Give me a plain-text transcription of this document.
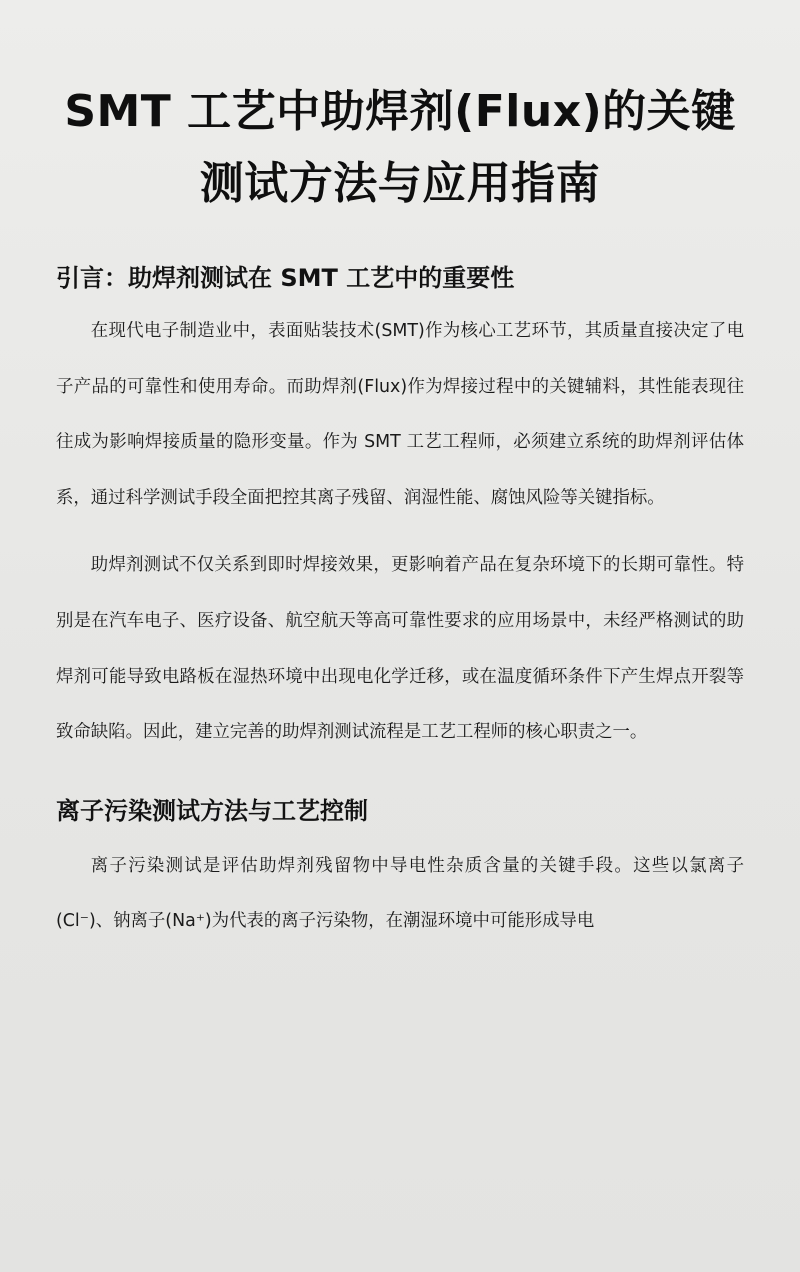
SMT 工艺中助焊剂(Flux)的关键测试方法与应用指南
引言：助焊剂测试在 SMT 工艺中的重要性

在现代电子制造业中，表面贴装技术(SMT)作为核心工艺环节，其质量直接决定了电子产品的可靠性和使用寿命。而助焊剂(Flux)作为焊接过程中的关键辅料，其性能表现往往成为影响焊接质量的隐形变量。作为 SMT 工艺工程师，必须建立系统的助焊剂评估体系，通过科学测试手段全面把控其离子残留、润湿性能、腐蚀风险等关键指标。

助焊剂测试不仅关系到即时焊接效果，更影响着产品在复杂环境下的长期可靠性。特别是在汽车电子、医疗设备、航空航天等高可靠性要求的应用场景中，未经严格测试的助焊剂可能导致电路板在湿热环境中出现电化学迁移，或在温度循环条件下产生焊点开裂等致命缺陷。因此，建立完善的助焊剂测试流程是工艺工程师的核心职责之一。

离子污染测试方法与工艺控制

离子污染测试是评估助焊剂残留物中导电性杂质含量的关键手段。这些以氯离子(Cl⁻)、钠离子(Na⁺)为代表的离子污染物，在潮湿环境中可能形成导电
